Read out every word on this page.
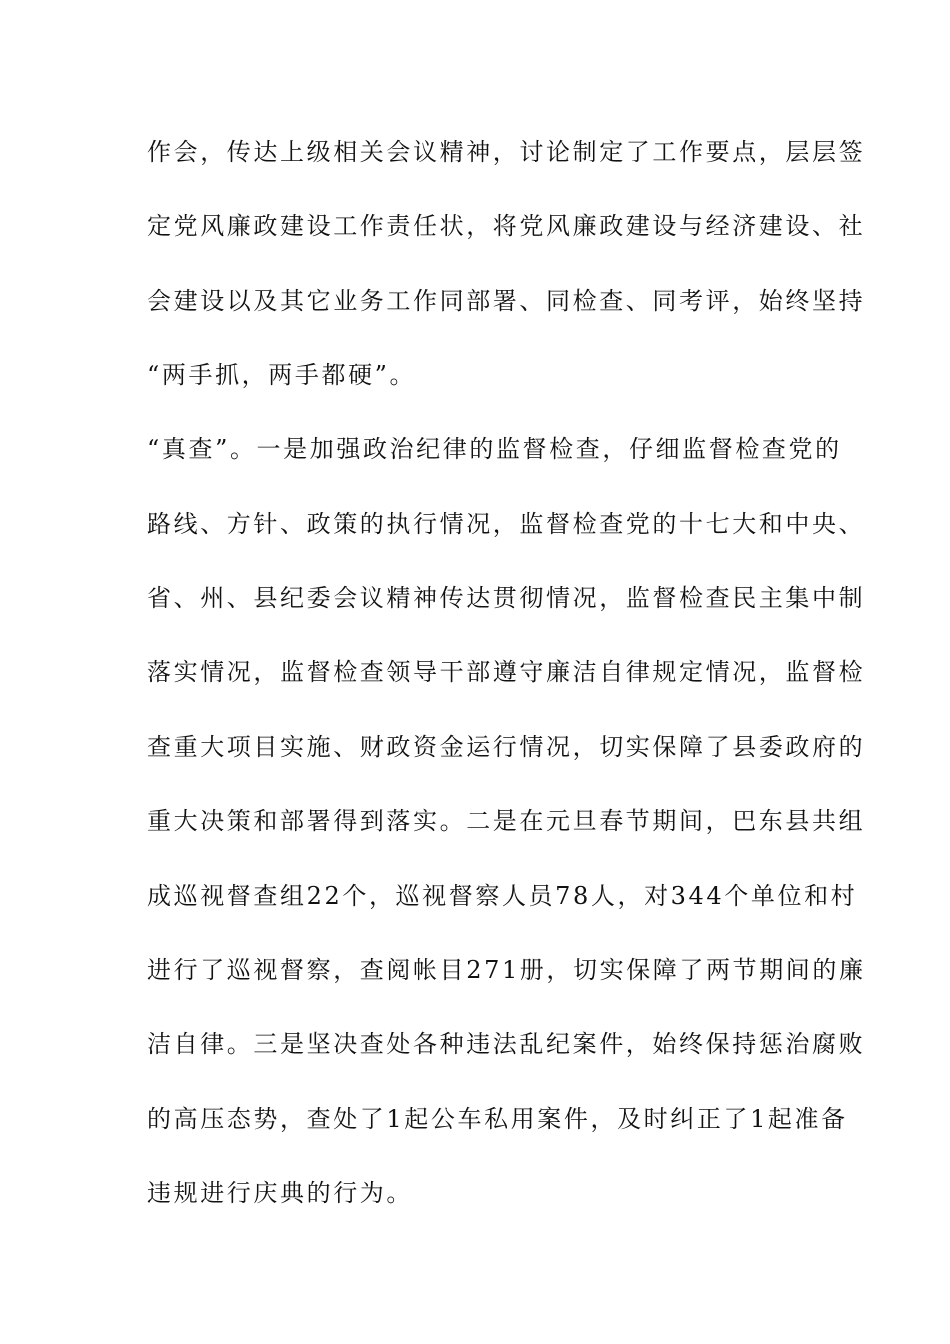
作会，传达上级相关会议精神，讨论制定了工作要点，层层签
定党风廉政建设工作责任状，将党风廉政建设与经济建设、社
会建设以及其它业务工作同部署、同检查、同考评，始终坚持
“两手抓，两手都硬”。
“真查”。一是加强政治纪律的监督检查，仔细监督检查党的
路线、方针、政策的执行情况，监督检查党的十七大和中央、
省、州、县纪委会议精神传达贯彻情况，监督检查民主集中制
落实情况，监督检查领导干部遵守廉洁自律规定情况，监督检
查重大项目实施、财政资金运行情况，切实保障了县委政府的
重大决策和部署得到落实。二是在元旦春节期间，巴东县共组
成巡视督查组22个，巡视督察人员78人，对344个单位和村
进行了巡视督察，查阅帐目271册，切实保障了两节期间的廉
洁自律。三是坚决查处各种违法乱纪案件，始终保持惩治腐败
的高压态势，查处了1起公车私用案件，及时纠正了1起准备
违规进行庆典的行为。
